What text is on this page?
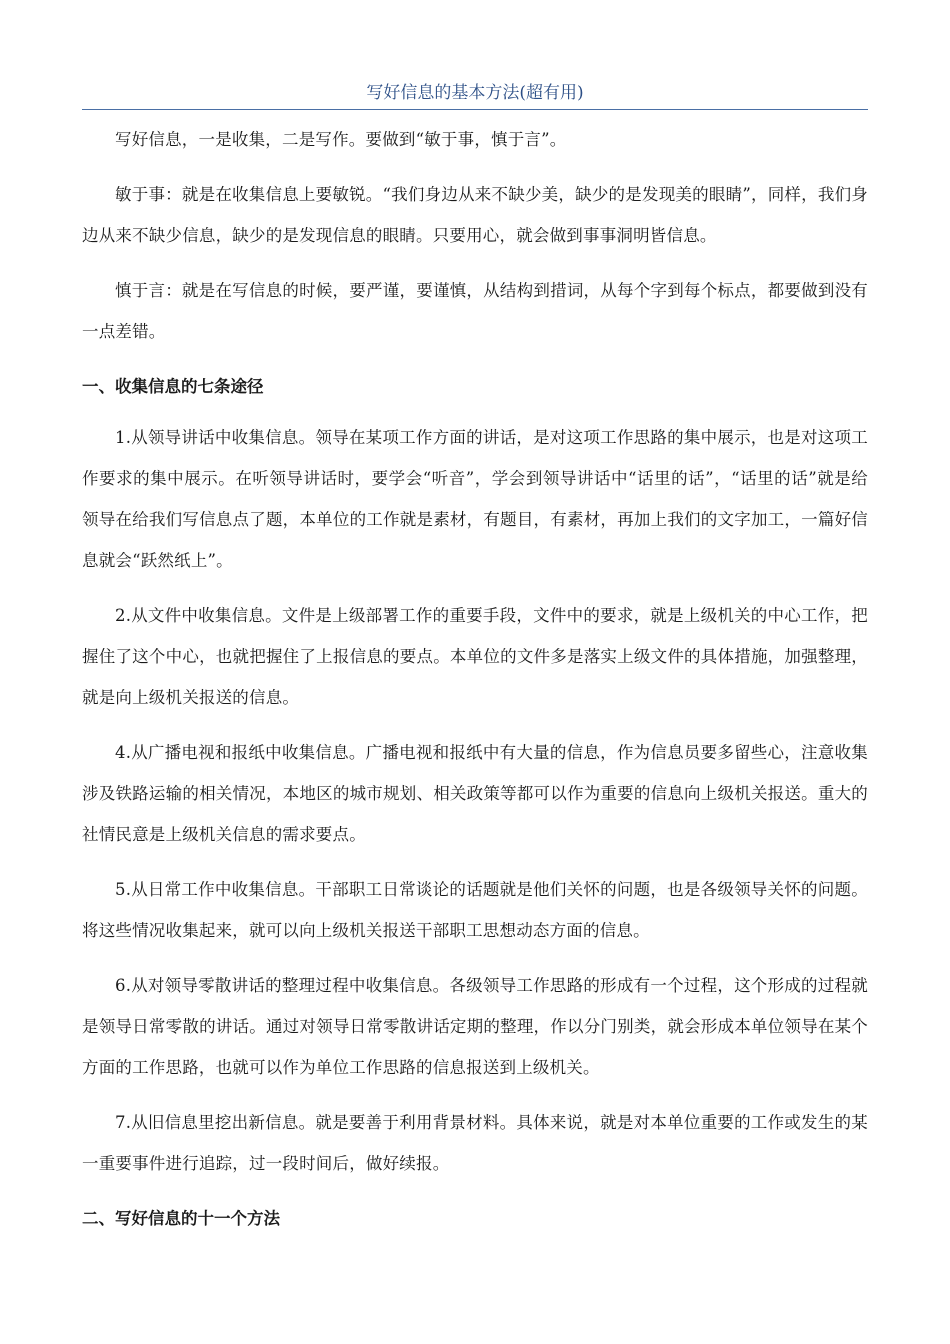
写好信息的基本方法(超有用)

写好信息，一是收集，二是写作。要做到“敏于事，慎于言”。

敏于事：就是在收集信息上要敏锐。“我们身边从来不缺少美，缺少的是发现美的眼睛”，同样，我们身边从来不缺少信息，缺少的是发现信息的眼睛。只要用心，就会做到事事洞明皆信息。

慎于言：就是在写信息的时候，要严谨，要谨慎，从结构到措词，从每个字到每个标点，都要做到没有一点差错。

一、收集信息的七条途径

1.从领导讲话中收集信息。领导在某项工作方面的讲话，是对这项工作思路的集中展示，也是对这项工作要求的集中展示。在听领导讲话时，要学会“听音”，学会到领导讲话中“话里的话”，“话里的话”就是给领导在给我们写信息点了题，本单位的工作就是素材，有题目，有素材，再加上我们的文字加工，一篇好信息就会“跃然纸上”。

2.从文件中收集信息。文件是上级部署工作的重要手段，文件中的要求，就是上级机关的中心工作，把握住了这个中心，也就把握住了上报信息的要点。本单位的文件多是落实上级文件的具体措施，加强整理，就是向上级机关报送的信息。

4.从广播电视和报纸中收集信息。广播电视和报纸中有大量的信息，作为信息员要多留些心，注意收集涉及铁路运输的相关情况，本地区的城市规划、相关政策等都可以作为重要的信息向上级机关报送。重大的社情民意是上级机关信息的需求要点。

5.从日常工作中收集信息。干部职工日常谈论的话题就是他们关怀的问题，也是各级领导关怀的问题。将这些情况收集起来，就可以向上级机关报送干部职工思想动态方面的信息。

6.从对领导零散讲话的整理过程中收集信息。各级领导工作思路的形成有一个过程，这个形成的过程就是领导日常零散的讲话。通过对领导日常零散讲话定期的整理，作以分门别类，就会形成本单位领导在某个方面的工作思路，也就可以作为单位工作思路的信息报送到上级机关。

7.从旧信息里挖出新信息。就是要善于利用背景材料。具体来说，就是对本单位重要的工作或发生的某一重要事件进行追踪，过一段时间后，做好续报。

二、写好信息的十一个方法
